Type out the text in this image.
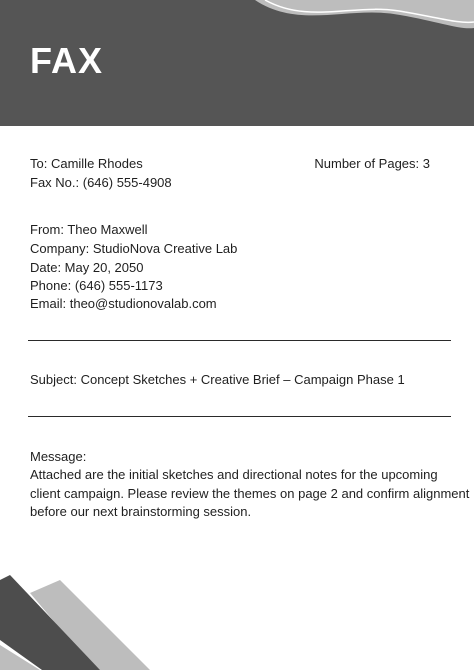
FAX
To: Camille Rhodes	Number of Pages: 3
Fax No.: (646) 555-4908
From: Theo Maxwell
Company: StudioNova Creative Lab
Date: May 20, 2050
Phone: (646) 555-1173
Email: theo@studionovalab.com
Subject: Concept Sketches + Creative Brief – Campaign Phase 1
Message:
Attached are the initial sketches and directional notes for the upcoming
client campaign. Please review the themes on page 2 and confirm alignment
before our next brainstorming session.
